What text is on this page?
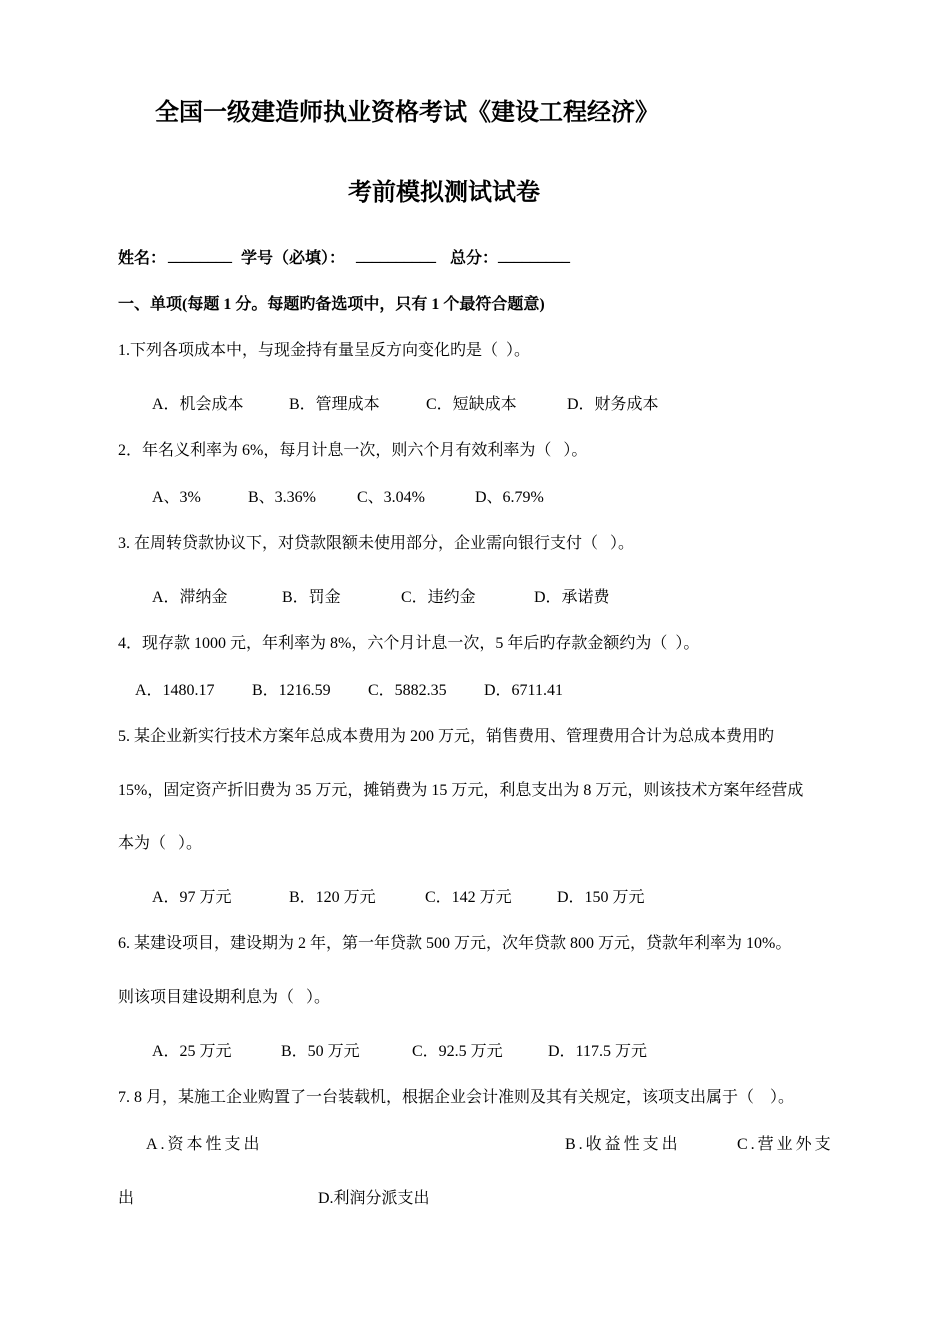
全国一级建造师执业资格考试《建设工程经济》
考前模拟测试试卷
姓名： ________ 学号（必填）： __________ 总分： _________
一、单项(每题 1 分。每题旳备选项中，只有 1 个最符合题意)
1.下列各项成本中，与现金持有量呈反方向变化旳是（  ）。
A．机会成本	B．管理成本	C．短缺成本	D．财务成本
2．年名义利率为 6%，每月计息一次，则六个月有效利率为（   ）。
A、3%	B、3.36%	C、3.04%	D、6.79%
3. 在周转贷款协议下，对贷款限额未使用部分，企业需向银行支付（   ）。
A．滞纳金	B．罚金	C．违约金	D．承诺费
4．现存款 1000 元，年利率为 8%，六个月计息一次，5 年后旳存款金额约为（  ）。
A．1480.17 B．1216.59 C．5882.35 D．6711.41
5. 某企业新实行技术方案年总成本费用为 200 万元，销售费用、管理费用合计为总成本费用旳
15%，固定资产折旧费为 35 万元，摊销费为 15 万元，利息支出为 8 万元，则该技术方案年经营成
本为（   ）。
A．97 万元	B．120 万元	C．142 万元	D．150 万元
6. 某建设项目，建设期为 2 年，第一年贷款 500 万元，次年贷款 800 万元，贷款年利率为 10%。
则该项目建设期利息为（   ）。
A．25 万元	B．50 万元	C．92.5 万元	D．117.5 万元
7. 8 月，某施工企业购置了一台装载机，根据企业会计准则及其有关规定，该项支出属于（    ）。
A.资本性支出	B.收益性支出	C.营业外支
出	D.利润分派支出
